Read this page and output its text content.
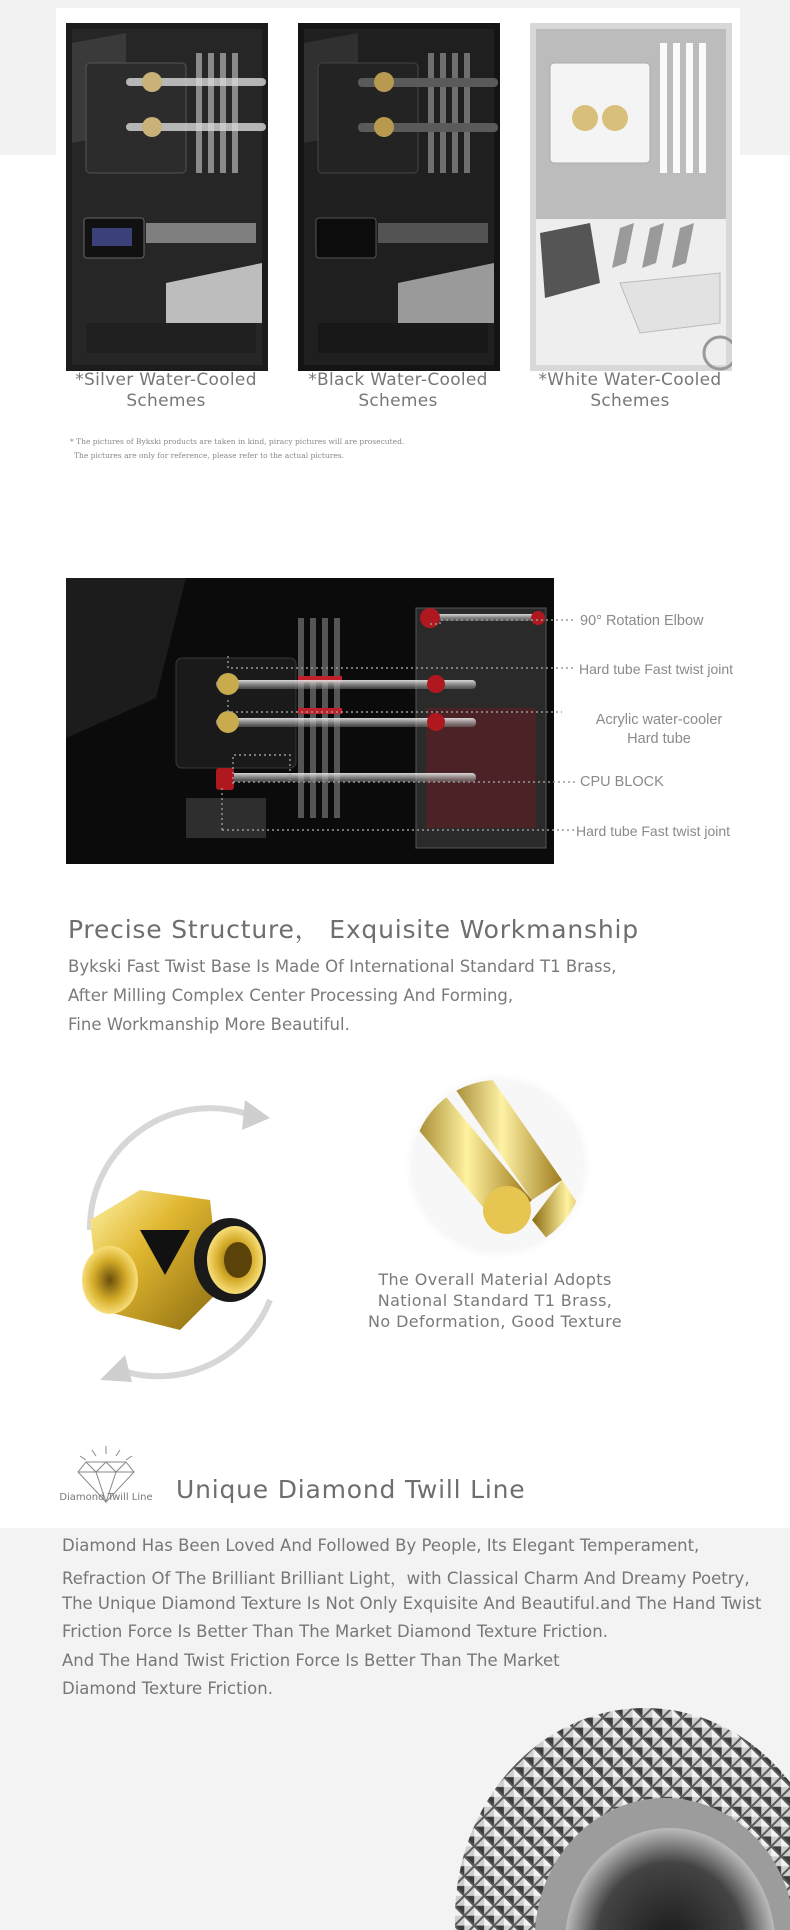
*Silver Water-Cooled
Schemes
*Black Water-Cooled
Schemes
*White Water-Cooled
Schemes
* The pictures of Bykski products are taken in kind, piracy pictures will are prosecuted.
The pictures are only for reference, please refer to the actual pictures.
90° Rotation Elbow
Hard tube Fast twist joint
Acrylic water-cooler
Hard tube
CPU BLOCK
Hard tube Fast twist joint
Precise Structure， Exquisite Workmanship
Bykski Fast Twist Base Is Made Of International Standard T1 Brass,
After Milling Complex Center Processing And Forming,
Fine Workmanship More Beautiful.
The Overall Material Adopts
National Standard T1 Brass,
No Deformation, Good Texture
Diamond Twill Line Unique Diamond Twill Line
Diamond Has Been Loved And Followed By People, Its Elegant Temperament,
Refraction Of The Brilliant Brilliant Light，with Classical Charm And Dreamy Poetry,
The Unique Diamond Texture Is Not Only Exquisite And Beautiful.and The Hand Twist
Friction Force Is Better Than The Market Diamond Texture Friction.
And The Hand Twist Friction Force Is Better Than The Market
Diamond Texture Friction.
